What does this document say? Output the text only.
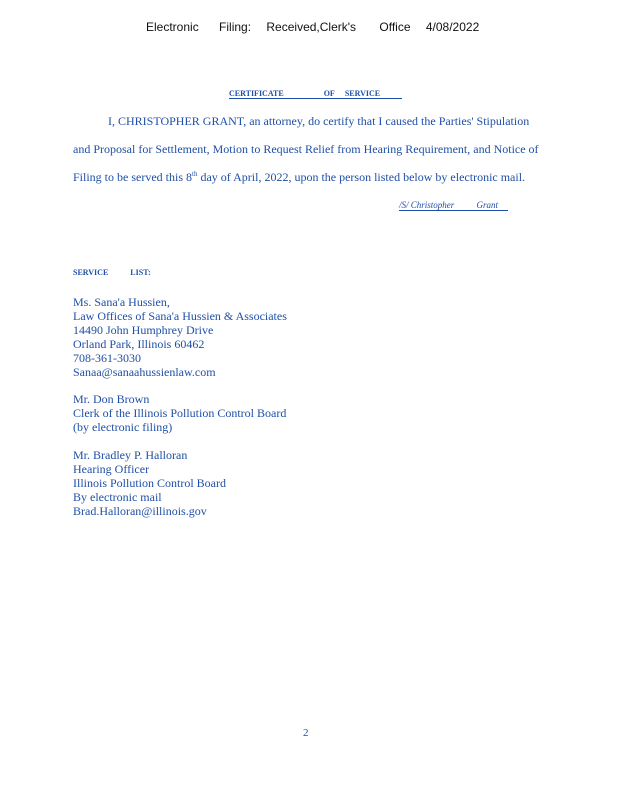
Electronic Filing: Received,Clerk's Office 4/08/2022
CERTIFICATE	OF SERVICE
I, CHRISTOPHER GRANT, an attorney, do certify that I caused the Parties' Stipulation
and Proposal for Settlement, Motion to Request Relief from Hearing Requirement, and Notice of
Filing to be served this 8th day of April, 2022, upon the person listed below by electronic mail.
/S/ Christopher Grant
SERVICE	LIST:
Ms. Sana'a Hussien,
Law Offices of Sana'a Hussien & Associates
14490 John Humphrey Drive
Orland Park, Illinois 60462
708-361-3030
Sanaa@sanaahussienlaw.com
Mr. Don Brown
Clerk of the Illinois Pollution Control Board
(by electronic filing)
Mr. Bradley P. Halloran
Hearing Officer
Illinois Pollution Control Board
By electronic mail
Brad.Halloran@illinois.gov
2
